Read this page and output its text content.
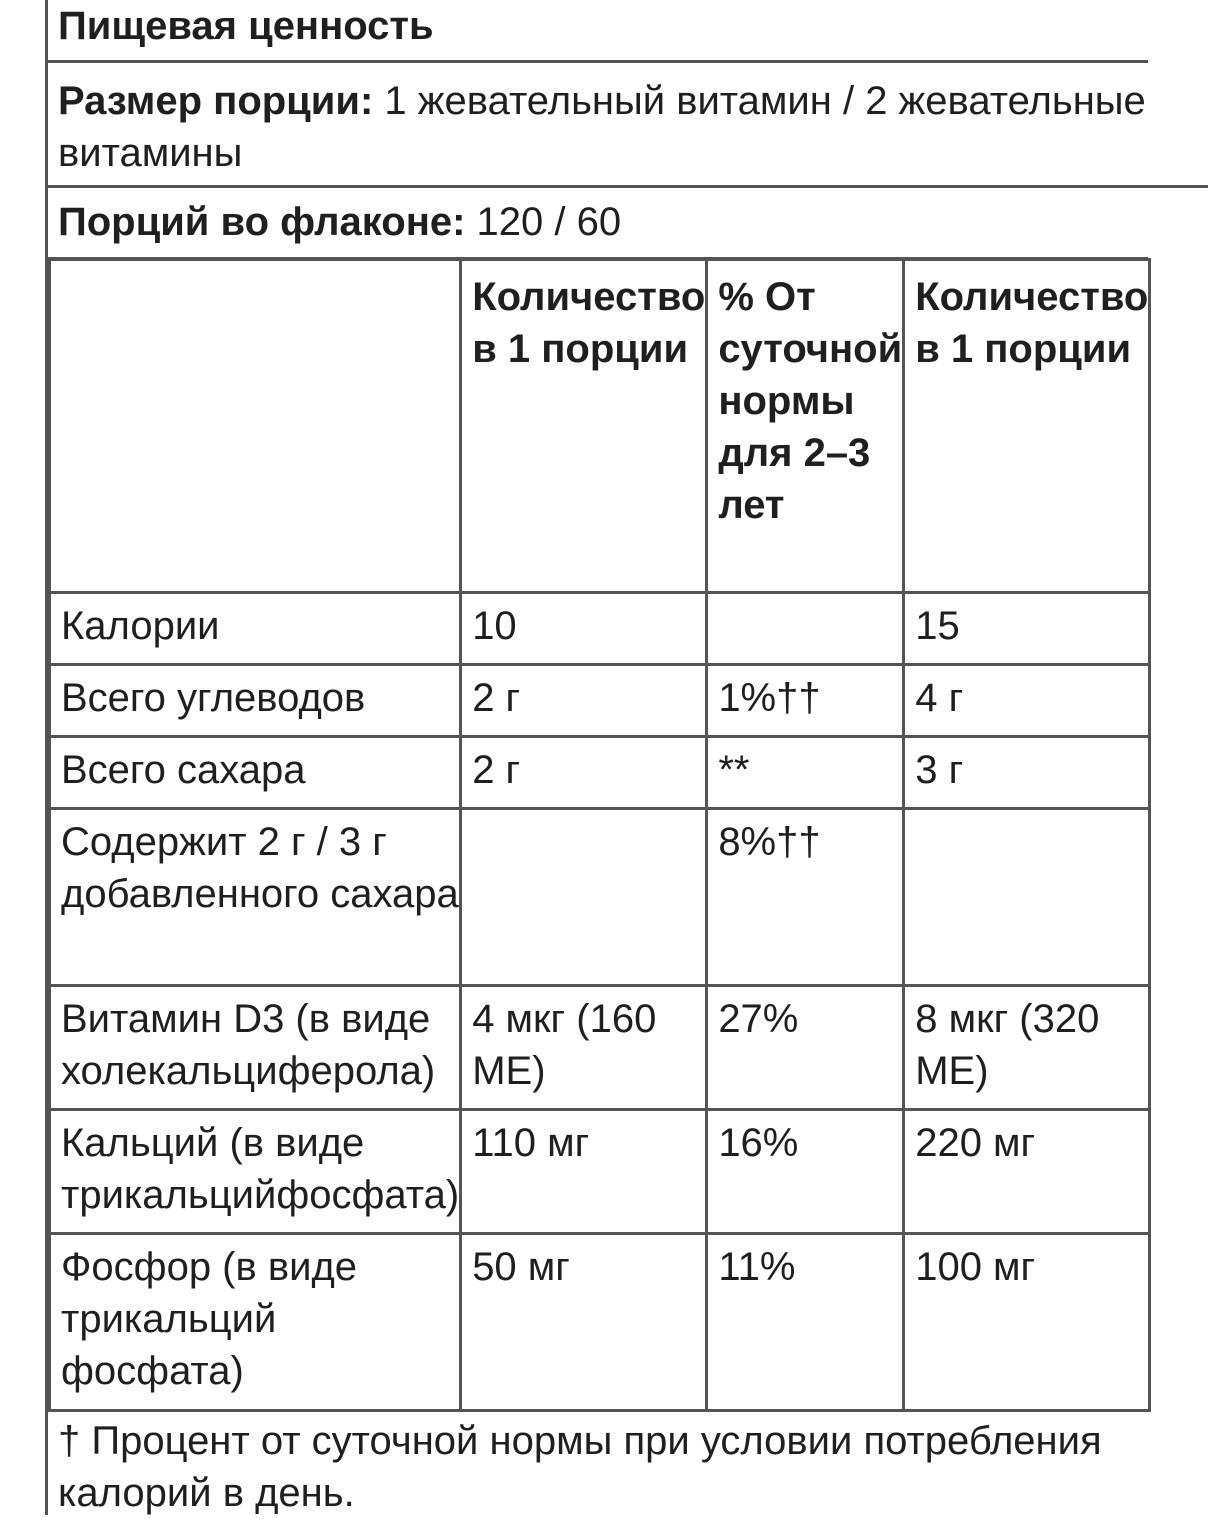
Пищевая ценность
Размер порции: 1 жевательный витамин / 2 жевательные витамины
Порций во флаконе: 120 / 60
	Количество в 1 порции	% От суточной нормы для 2–3 лет	Количество в 1 порции
Калории	10		15
Всего углеводов	2 г	1%††	4 г
Всего сахара	2 г	**	3 г
Содержит 2 г / 3 г добавленного сахара		8%††	
Витамин D3 (в виде холекальциферола)	4 мкг (160 МЕ)	27%	8 мкг (320 МЕ)
Кальций (в виде трикальцийфосфата)	110 мг	16%	220 мг
Фосфор (в виде трикальций фосфата)	50 мг	11%	100 мг
† Процент от суточной нормы при условии потребления
калорий в день.
